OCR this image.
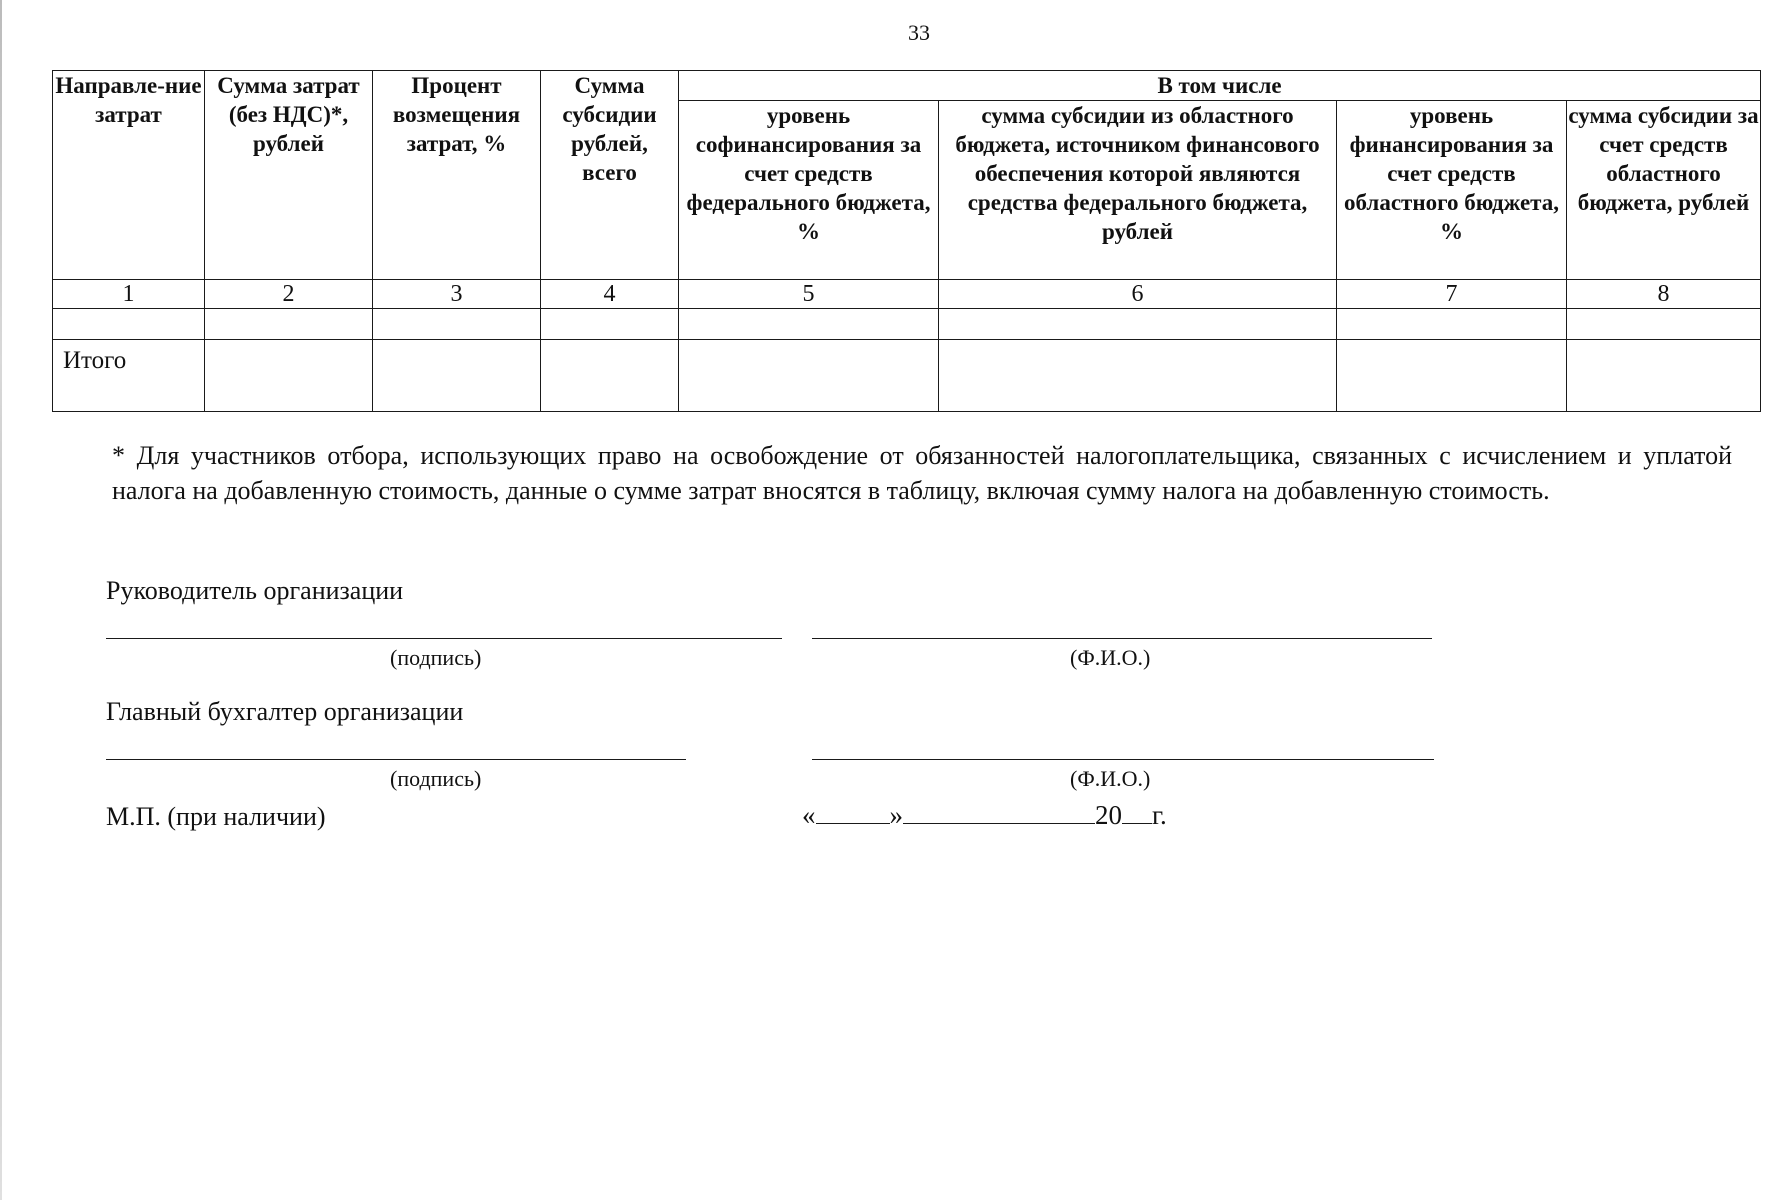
33
Направле-ние затрат	Сумма затрат (без НДС)*, рублей	Процент возмещения затрат, %	Сумма субсидии рублей, всего	В том числе			
				уровень софинансирования за счет средств федерального бюджета, %	сумма субсидии из областного бюджета, источником финансового обеспечения которой являются средства федерального бюджета, рублей	уровень финансирования за счет средств областного бюджета, %	сумма субсидии за счет средств областного бюджета, рублей
1	2	3	4	5	6	7	8

Итого							
* Для участников отбора, использующих право на освобождение от обязанностей налогоплательщика, связанных с исчислением и уплатой налога на добавленную стоимость, данные о сумме затрат вносятся в таблицу, включая сумму налога на добавленную стоимость.
Руководитель организации
(подпись)	(Ф.И.О.)
Главный бухгалтер организации
(подпись)	(Ф.И.О.)
М.П. (при наличии)	«	»	20 г.
